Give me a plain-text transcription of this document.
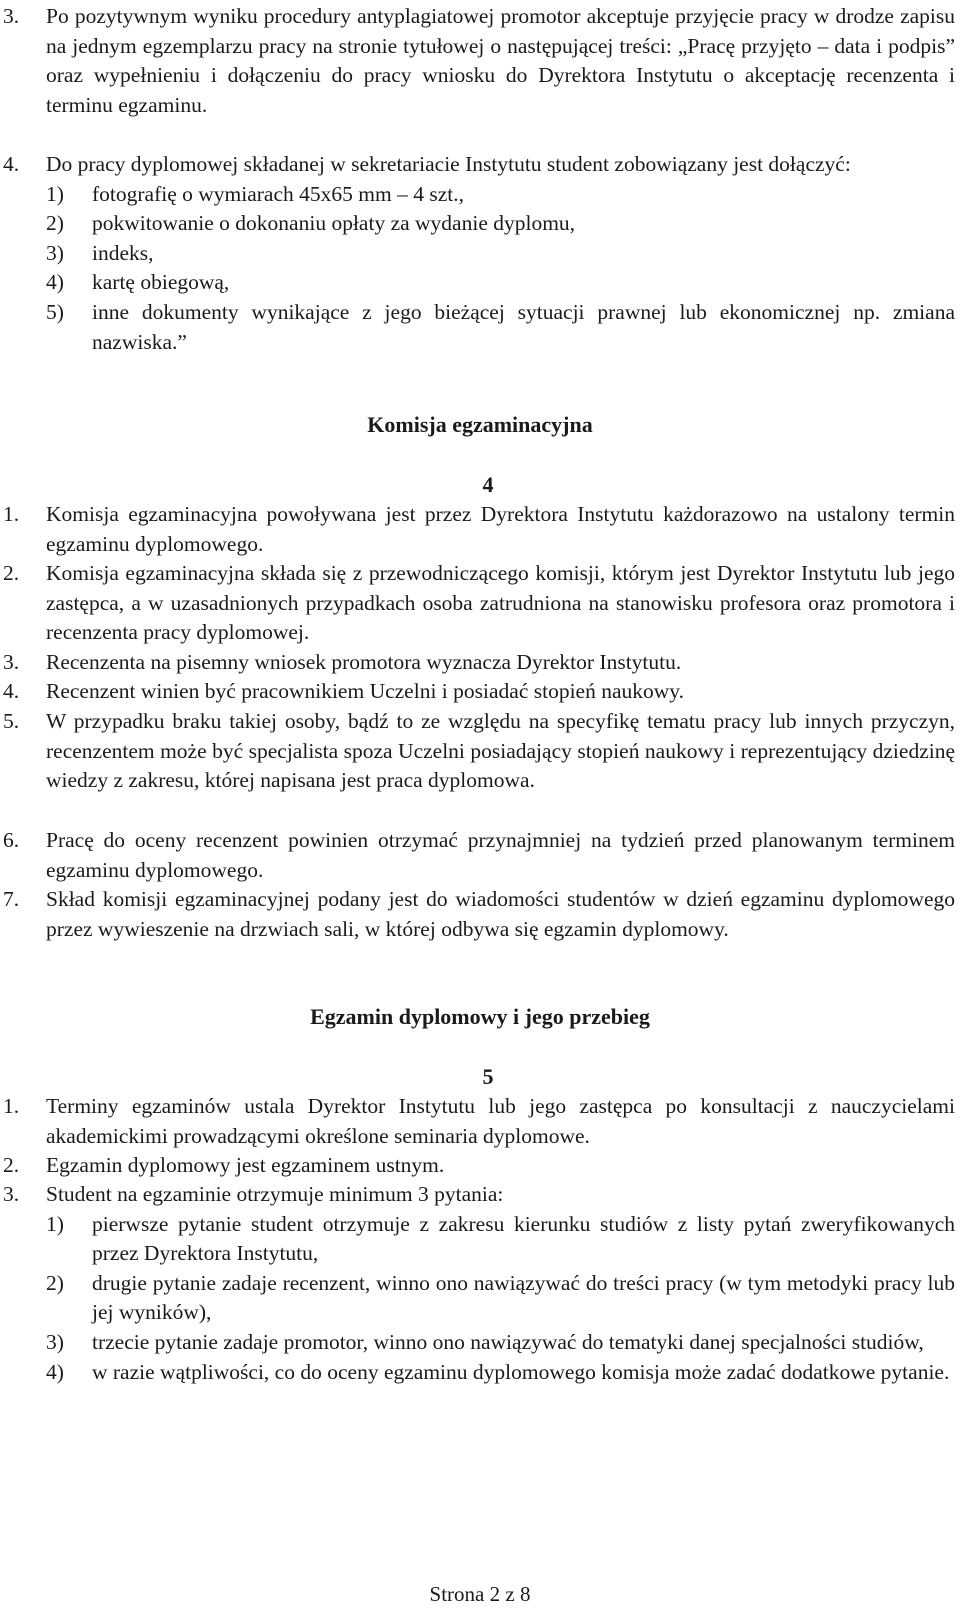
3. Po pozytywnym wyniku procedury antyplagiatowej promotor akceptuje przyjęcie pracy w drodze zapisu na jednym egzemplarzu pracy na stronie tytułowej o następującej treści: „Pracę przyjęto – data i podpis” oraz wypełnieniu i dołączeniu do pracy wniosku do Dyrektora Instytutu o akceptację recenzenta i terminu egzaminu.
4. Do pracy dyplomowej składanej w sekretariacie Instytutu student zobowiązany jest dołączyć:
1) fotografię o wymiarach 45x65 mm – 4 szt.,
2) pokwitowanie o dokonaniu opłaty za wydanie dyplomu,
3) indeks,
4) kartę obiegową,
5) inne dokumenty wynikające z jego bieżącej sytuacji prawnej lub ekonomicznej np. zmiana nazwiska.”
Komisja egzaminacyjna
4
1. Komisja egzaminacyjna powoływana jest przez Dyrektora Instytutu każdorazowo na ustalony termin egzaminu dyplomowego.
2. Komisja egzaminacyjna składa się z przewodniczącego komisji, którym jest Dyrektor Instytutu lub jego zastępca, a w uzasadnionych przypadkach osoba zatrudniona na stanowisku profesora oraz promotora i recenzenta pracy dyplomowej.
3. Recenzenta na pisemny wniosek promotora wyznacza Dyrektor Instytutu.
4. Recenzent winien być pracownikiem Uczelni i posiadać stopień naukowy.
5. W przypadku braku takiej osoby, bądź to ze względu na specyfikę tematu pracy lub innych przyczyn, recenzentem może być specjalista spoza Uczelni posiadający stopień naukowy i reprezentujący dziedzinę wiedzy z zakresu, której napisana jest praca dyplomowa.
6. Pracę do oceny recenzent powinien otrzymać przynajmniej na tydzień przed planowanym terminem egzaminu dyplomowego.
7. Skład komisji egzaminacyjnej podany jest do wiadomości studentów w dzień egzaminu dyplomowego przez wywieszenie na drzwiach sali, w której odbywa się egzamin dyplomowy.
Egzamin dyplomowy i jego przebieg
5
1. Terminy egzaminów ustala Dyrektor Instytutu lub jego zastępca po konsultacji z nauczycielami akademickimi prowadzącymi określone seminaria dyplomowe.
2. Egzamin dyplomowy jest egzaminem ustnym.
3. Student na egzaminie otrzymuje minimum 3 pytania:
1) pierwsze pytanie student otrzymuje z zakresu kierunku studiów z listy pytań zweryfikowanych przez Dyrektora Instytutu,
2) drugie pytanie zadaje recenzent, winno ono nawiązywać do treści pracy (w tym metodyki pracy lub jej wyników),
3) trzecie pytanie zadaje promotor, winno ono nawiązywać do tematyki danej specjalności studiów,
4) w razie wątpliwości, co do oceny egzaminu dyplomowego komisja może zadać dodatkowe pytanie.
Strona 2 z 8
